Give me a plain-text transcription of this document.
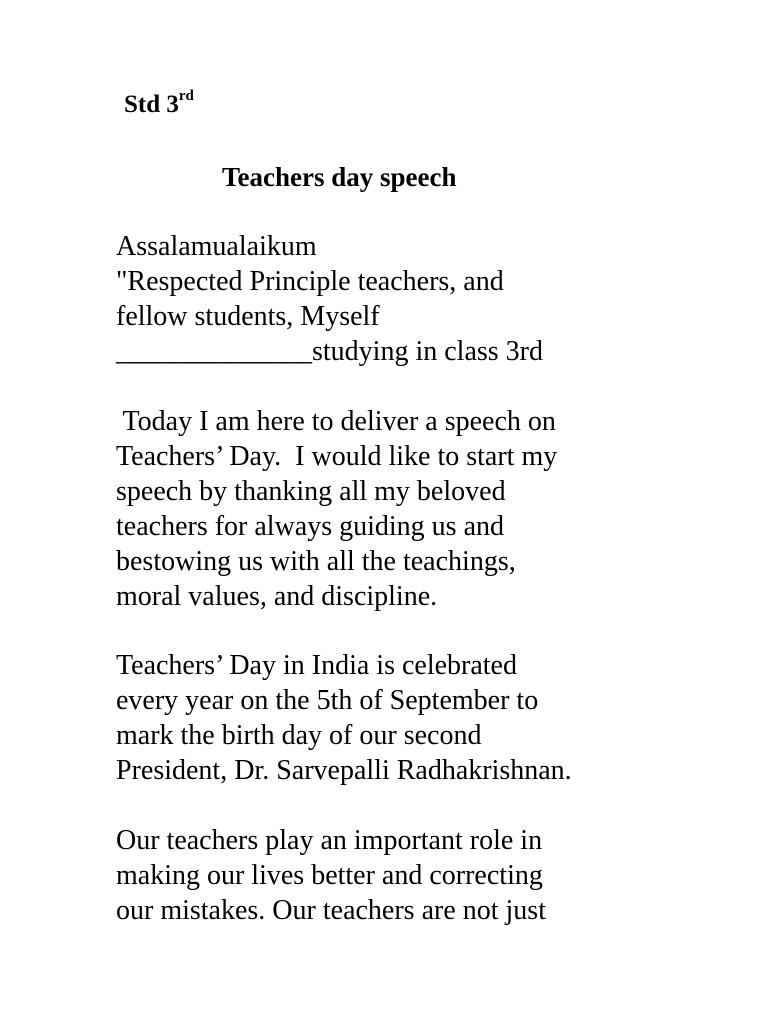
Std 3rd
Teachers day speech
Assalamualaikum
"Respected Principle teachers, and
fellow students, Myself
______________studying in class 3rd
Today I am here to deliver a speech on
Teachers’ Day.  I would like to start my
speech by thanking all my beloved
teachers for always guiding us and
bestowing us with all the teachings,
moral values, and discipline.
Teachers’ Day in India is celebrated
every year on the 5th of September to
mark the birth day of our second
President, Dr. Sarvepalli Radhakrishnan.
Our teachers play an important role in
making our lives better and correcting
our mistakes. Our teachers are not just
